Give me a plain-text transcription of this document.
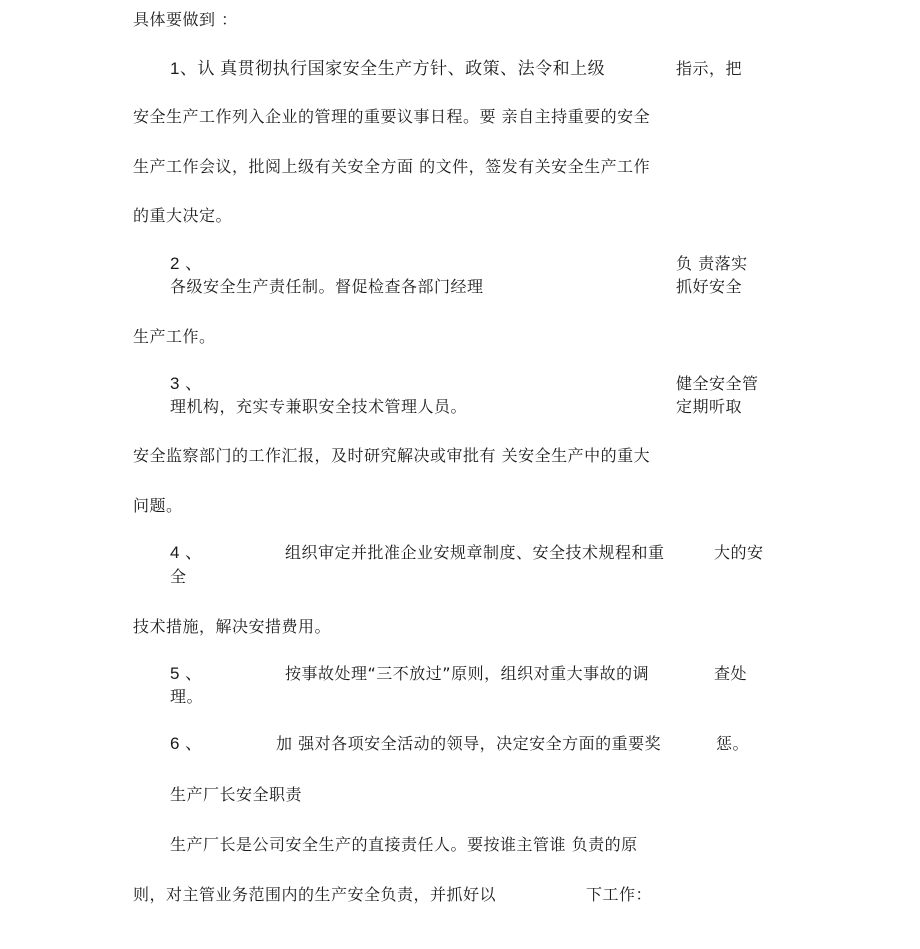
具体要做到 ：
1、认 真贯彻执行国家安全生产方针、政策、法令和上级	指示，把
安全生产工作列入企业的管理的重要议事日程。要 亲自主持重要的安全
生产工作会议，批阅上级有关安全方面 的文件，签发有关安全生产工作
的重大决定。
2 、	负 责落实
各级安全生产责任制。督促检查各部门经理	抓好安全
生产工作。
3 、	健全安全管
理机构，充实专兼职安全技术管理人员。	定期听取
安全监察部门的工作汇报，及时研究解决或审批有 关安全生产中的重大
问题。
4 、	组织审定并批准企业安规章制度、安全技术规程和重	大的安
全
技术措施，解决安措费用。
5 、	按事故处理“三不放过”原则，组织对重大事故的调	查处
理。
6 、	加 强对各项安全活动的领导，决定安全方面的重要奖	惩。
生产厂长安全职责
生产厂长是公司安全生产的直接责任人。要按谁主管谁 负责的原
则，对主管业务范围内的生产安全负责，并抓好以	下工作：
